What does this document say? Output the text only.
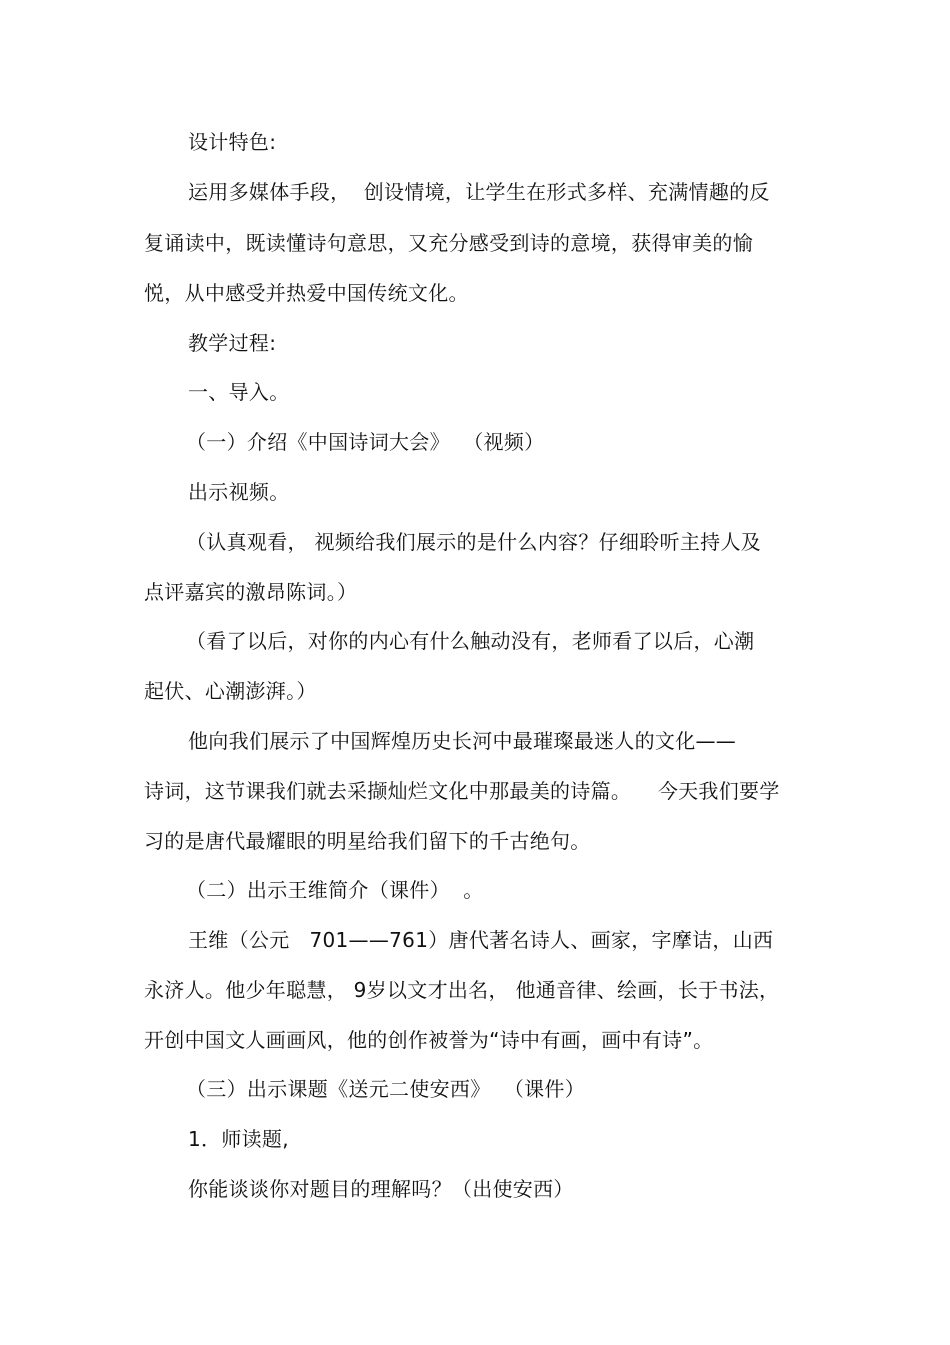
设计特色:
运用多媒体手段，  创设情境，让学生在形式多样、充满情趣的反
复诵读中，既读懂诗句意思，又充分感受到诗的意境，获得审美的愉
悦，从中感受并热爱中国传统文化。
教学过程:
一、导入。
（一）介绍《中国诗词大会》  （视频）
出示视频。
（认真观看， 视频给我们展示的是什么内容？仔细聆听主持人及
点评嘉宾的激昂陈词。）
（看了以后，对你的内心有什么触动没有，老师看了以后，心潮
起伏、心潮澎湃。）
他向我们展示了中国辉煌历史长河中最璀璨最迷人的文化——
诗词，这节课我们就去采撷灿烂文化中那最美的诗篇。    今天我们要学
习的是唐代最耀眼的明星给我们留下的千古绝句。
（二）出示王维简介（课件）  。
王维（公元   701——761）唐代著名诗人、画家，字摩诘，山西
永济人。他少年聪慧， 9岁以文才出名， 他通音律、绘画，长于书法，
开创中国文人画画风，他的创作被誉为“诗中有画，画中有诗”。
（三）出示课题《送元二使安西》  （课件）
1．师读题,
你能谈谈你对题目的理解吗？（出使安西）
